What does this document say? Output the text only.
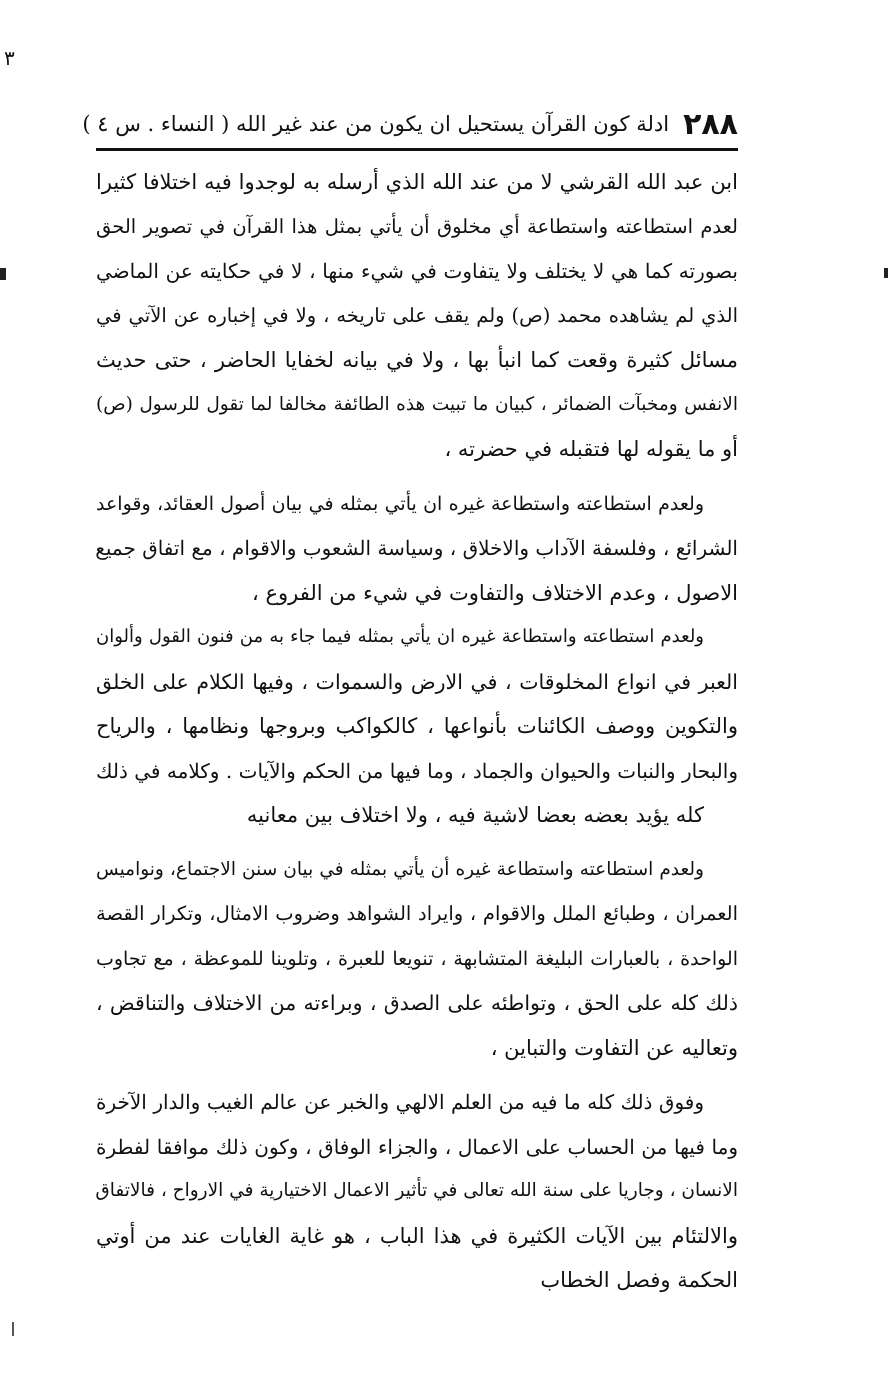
٣
٢٨٨
ادلة كون القرآن يستحيل ان يكون من عند غير الله ( النساء . س ٤ )
ابن عبد الله القرشي لا من عند الله الذي أرسله به لوجدوا فيه اختلافا كثيرا
لعدم استطاعته واستطاعة أي مخلوق أن يأتي بمثل هذا القرآن في تصوير الحق
بصورته كما هي لا يختلف ولا يتفاوت في شيء منها ، لا في حكايته عن الماضي
الذي لم يشاهده محمد (ص) ولم يقف على تاريخه ، ولا في إخباره عن الآتي في
مسائل كثيرة وقعت كما انبأ بها ، ولا في بيانه لخفايا الحاضر ، حتى حديث
الانفس ومخبآت الضمائر ، كبيان ما تبيت هذه الطائفة مخالفا لما تقول للرسول (ص)
أو ما يقوله لها فتقبله في حضرته ،
ولعدم استطاعته واستطاعة غيره ان يأتي بمثله في بيان أصول العقائد، وقواعد
الشرائع ، وفلسفة الآداب والاخلاق ، وسياسة الشعوب والاقوام ، مع اتفاق جميع
الاصول ، وعدم الاختلاف والتفاوت في شيء من الفروع ،
ولعدم استطاعته واستطاعة غيره ان يأتي بمثله فيما جاء به من فنون القول وألوان
العبر في انواع المخلوقات ، في الارض والسموات ، وفيها الكلام على الخلق
والتكوين ووصف الكائنات بأنواعها ، كالكواكب وبروجها ونظامها ، والرياح
والبحار والنبات والحيوان والجماد ، وما فيها من الحكم والآيات . وكلامه في ذلك
كله يؤيد بعضه بعضا لاشية فيه ، ولا اختلاف بين معانيه
ولعدم استطاعته واستطاعة غيره أن يأتي بمثله في بيان سنن الاجتماع، ونواميس
العمران ، وطبائع الملل والاقوام ، وايراد الشواهد وضروب الامثال، وتكرار القصة
الواحدة ، بالعبارات البليغة المتشابهة ، تنويعا للعبرة ، وتلوينا للموعظة ، مع تجاوب
ذلك كله على الحق ، وتواطئه على الصدق ، وبراءته من الاختلاف والتناقض ،
وتعاليه عن التفاوت والتباين ،
وفوق ذلك كله ما فيه من العلم الالهي والخبر عن عالم الغيب والدار الآخرة
وما فيها من الحساب على الاعمال ، والجزاء الوفاق ، وكون ذلك موافقا لفطرة
الانسان ، وجاريا على سنة الله تعالى في تأثير الاعمال الاختيارية في الارواح ، فالاتفاق
والالتئام بين الآيات الكثيرة في هذا الباب ، هو غاية الغايات عند من أوتي
الحكمة وفصل الخطاب
